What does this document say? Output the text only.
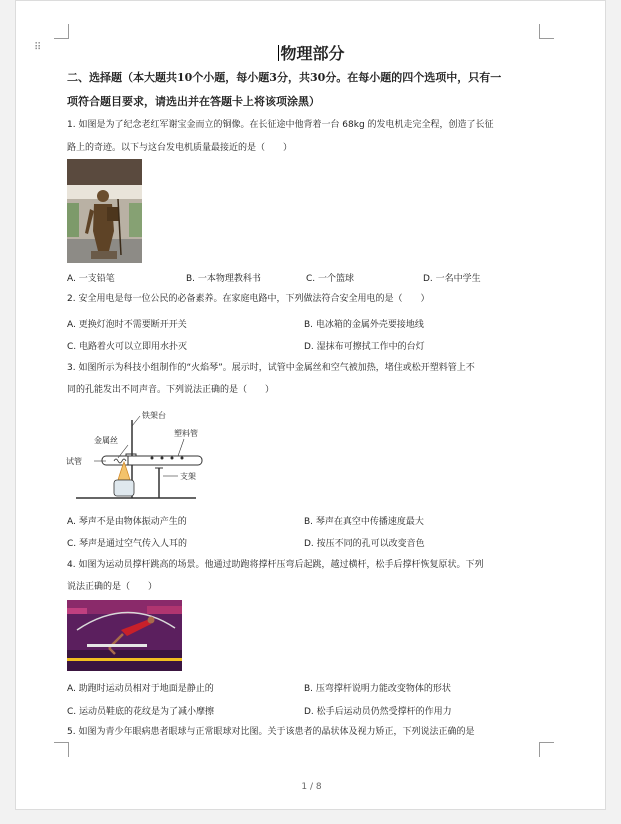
⠿	物理部分
二、选择题（本大题共10个小题，每小题3分，共30分。在每小题的四个选项中，只有一
项符合题目要求，请选出并在答题卡上将该项涂黑）
1. 如图是为了纪念老红军谢宝金而立的铜像。在长征途中他背着一台 68kg 的发电机走完全程，创造了长征
路上的奇迹。以下与这台发电机质量最接近的是（　　）
A. 一支铅笔	B. 一本物理教科书	C. 一个篮球	D. 一名中学生
2. 安全用电是每一位公民的必备素养。在家庭电路中，下列做法符合安全用电的是（　　）
A. 更换灯泡时不需要断开开关	B. 电冰箱的金属外壳要接地线
C. 电路着火可以立即用水扑灭	D. 湿抹布可擦拭工作中的台灯
3. 如图所示为科技小组制作的“火焰琴”。展示时，试管中金属丝和空气被加热，堵住或松开塑料管上不
同的孔能发出不同声音。下列说法正确的是（　　）
铁架台
金属丝
塑料管
试管
支架
A. 琴声不是由物体振动产生的	B. 琴声在真空中传播速度最大
C. 琴声是通过空气传入人耳的	D. 按压不同的孔可以改变音色
4. 如图为运动员撑杆跳高的场景。他通过助跑将撑杆压弯后起跳，越过横杆，松手后撑杆恢复原状。下列
说法正确的是（　　）
A. 助跑时运动员相对于地面是静止的	B. 压弯撑杆说明力能改变物体的形状
C. 运动员鞋底的花纹是为了减小摩擦	D. 松手后运动员仍然受撑杆的作用力
5. 如图为青少年眼病患者眼球与正常眼球对比图。关于该患者的晶状体及视力矫正，下列说法正确的是
1 / 8
